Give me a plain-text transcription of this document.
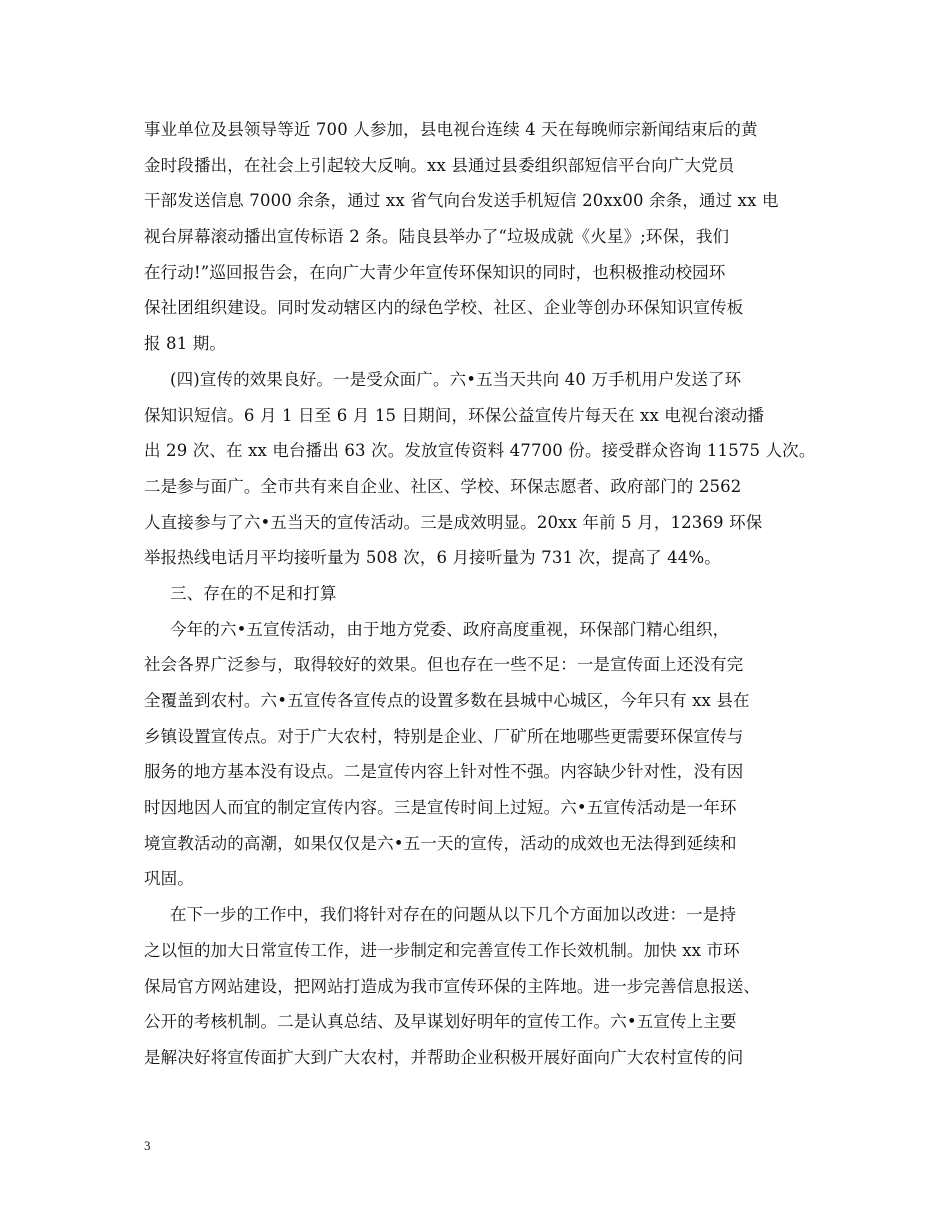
事业单位及县领导等近 700 人参加，县电视台连续 4 天在每晚师宗新闻结束后的黄
金时段播出，在社会上引起较大反响。xx 县通过县委组织部短信平台向广大党员
干部发送信息 7000 余条，通过 xx 省气向台发送手机短信 20xx00 余条，通过 xx 电
视台屏幕滚动播出宣传标语 2 条。陆良县举办了“垃圾成就《火星》;环保，我们
在行动!”巡回报告会，在向广大青少年宣传环保知识的同时，也积极推动校园环
保社团组织建设。同时发动辖区内的绿色学校、社区、企业等创办环保知识宣传板
报 81 期。
(四)宣传的效果良好。一是受众面广。六•五当天共向 40 万手机用户发送了环
保知识短信。6 月 1 日至 6 月 15 日期间，环保公益宣传片每天在 xx 电视台滚动播
出 29 次、在 xx 电台播出 63 次。发放宣传资料 47700 份。接受群众咨询 11575 人次。
二是参与面广。全市共有来自企业、社区、学校、环保志愿者、政府部门的 2562
人直接参与了六•五当天的宣传活动。三是成效明显。20xx 年前 5 月，12369 环保
举报热线电话月平均接听量为 508 次，6 月接听量为 731 次，提高了 44%。
三、存在的不足和打算
今年的六•五宣传活动，由于地方党委、政府高度重视，环保部门精心组织，
社会各界广泛参与，取得较好的效果。但也存在一些不足：一是宣传面上还没有完
全覆盖到农村。六•五宣传各宣传点的设置多数在县城中心城区，今年只有 xx 县在
乡镇设置宣传点。对于广大农村，特别是企业、厂矿所在地哪些更需要环保宣传与
服务的地方基本没有设点。二是宣传内容上针对性不强。内容缺少针对性，没有因
时因地因人而宜的制定宣传内容。三是宣传时间上过短。六•五宣传活动是一年环
境宣教活动的高潮，如果仅仅是六•五一天的宣传，活动的成效也无法得到延续和
巩固。
在下一步的工作中，我们将针对存在的问题从以下几个方面加以改进：一是持
之以恒的加大日常宣传工作，进一步制定和完善宣传工作长效机制。加快 xx 市环
保局官方网站建设，把网站打造成为我市宣传环保的主阵地。进一步完善信息报送、
公开的考核机制。二是认真总结、及早谋划好明年的宣传工作。六•五宣传上主要
是解决好将宣传面扩大到广大农村，并帮助企业积极开展好面向广大农村宣传的问
3
